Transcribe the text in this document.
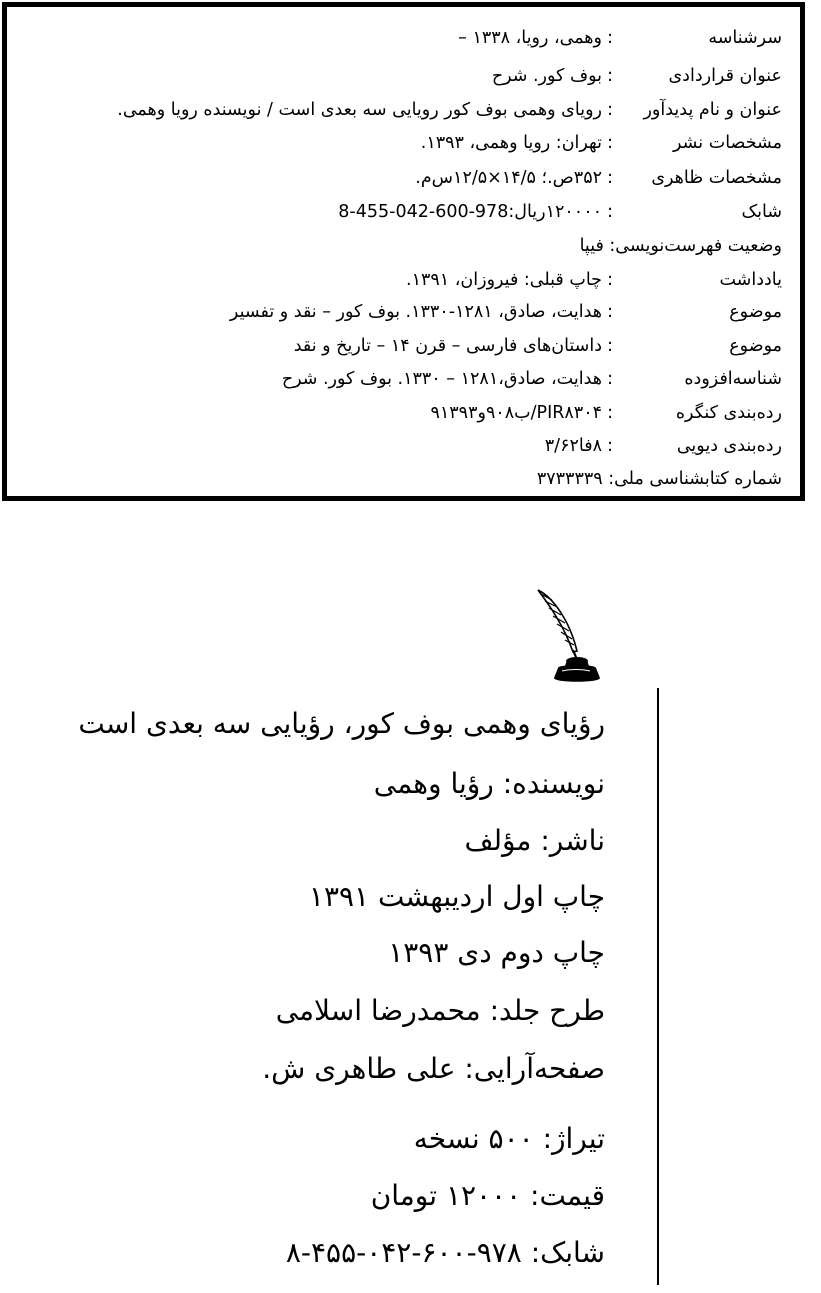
سرشناسه
:
وهمی، رویا، ۱۳۳۸ –
عنوان قراردادی
:
بوف کور. شرح
عنوان و نام پدیدآور
:
رویای وهمی بوف کور رویایی سه بعدی است / نویسنده رویا وهمی.
مشخصات نشر
:
تهران: رویا وهمی، ۱۳۹۳.
مشخصات ظاهری
:
۳۵۲ص.؛ ۱۴/۵×۱۲/۵س‌م.
شابک
:
۱۲۰۰۰۰ریال:978-600-042-455-8
وضعیت فهرست‌نویسی: فیپا
یادداشت
:
چاپ قبلی: فیروزان، ۱۳۹۱.
موضوع
:
هدایت، صادق، ۱۲۸۱-۱۳۳۰. بوف کور – نقد و تفسیر
موضوع
:
داستان‌های فارسی – قرن ۱۴ – تاریخ و نقد
شناسه‌افزوده
:
هدایت، صادق،۱۲۸۱ – ۱۳۳۰. بوف کور. شرح
رده‌بندی کنگره
:
PIR۸۳۰۴/ب۹۰۸و۹۱۳۹۳
رده‌بندی دیویی
:
۸فا۳/۶۲
شماره کتابشناسی ملی: ۳۷۳۳۳۳۹
رؤیای وهمی بوف کور، رؤیایی سه بعدی است
نویسنده: رؤیا وهمی
ناشر: مؤلف
چاپ اول اردیبهشت ۱۳۹۱
چاپ دوم دی ۱۳۹۳
طرح جلد: محمدرضا اسلامی
صفحه‌آرایی: علی طاهری ش.
تیراژ: ۵۰۰ نسخه
قیمت: ۱۲۰۰۰ تومان
شابک: ۹۷۸-۶۰۰-۰۴۲-۴۵۵-۸
